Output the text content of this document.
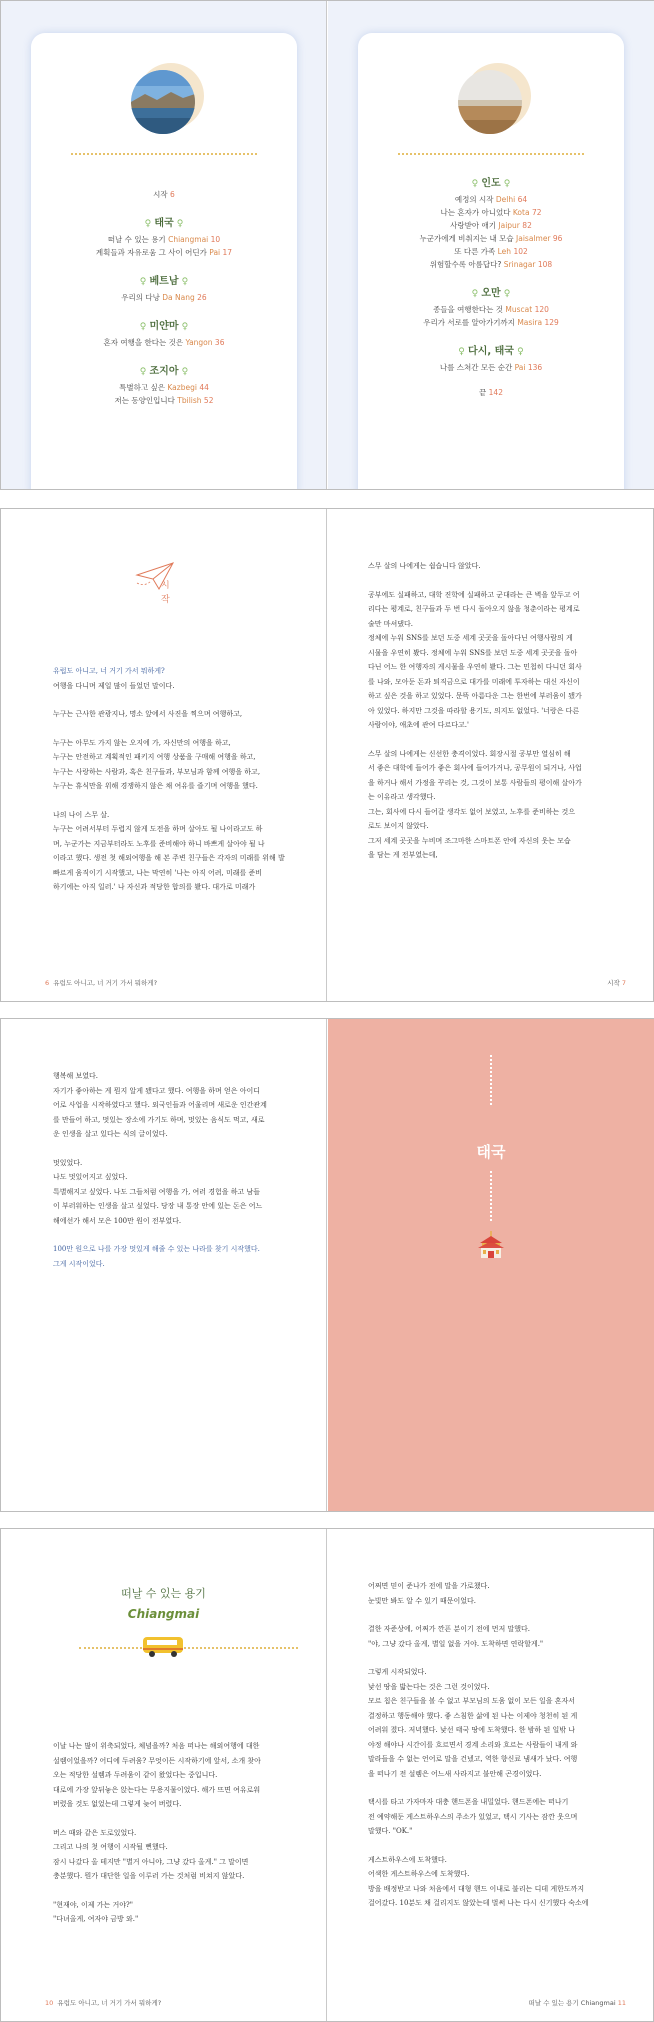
시작 6
♀ 태국 ♀
떠날 수 있는 용기 Chiangmai 10
계획들과 자유로움 그 사이 어딘가 Pai 17
♀ 베트남 ♀
우리의 다낭 Da Nang 26
♀ 미얀마 ♀
혼자 여행을 한다는 것은 Yangon 36
♀ 조지아 ♀
특별하고 싶은 Kazbegi 44
저는 동양인입니다 Tbilish 52
♀ 인도 ♀
예정의 시작 Delhi 64
나는 혼자가 아니었다 Kota 72
사랑받아 애기 Jaipur 82
누군가에게 비춰지는 내 모습 Jaisalmer 96
또 다른 가족 Leh 102
위험할수록 아름답다? Srinagar 108
♀ 오만 ♀
종들을 여행한다는 것 Muscat 120
우리가 서로를 알아가기까지 Masira 129
♀ 다시, 태국 ♀
나를 스쳐간 모든 순간 Pai 136
끝 142
시
작

유럽도 아니고, 너 거기 가서 뭐하게?

여행을 다니며 제일 많이 들었던 말이다.

누구는 근사한 관광지나, 명소 앞에서 사진을 찍으며 여행하고,

누구는 아무도 가지 않는 오지에 가, 자신만의 여행을 하고,

누구는 안전하고 계획적인 패키지 여행 상품을 구매해 여행을 하고,

누구는 사랑하는 사람과, 혹은 친구들과, 부모님과 함께 여행을 하고,

누구는 휴식만을 위해 경쟁하지 않은 채 여유를 즐기며 여행을 했다.

나의 나이 스무 살.

누구는 어려서부터 두렵지 않게 도전을 하며 살아도 될 나이라고도 하

며, 누군가는 지금부터라도 노후를 준비해야 하니 바쁘게 살아야 될 나

이라고 했다. 생전 첫 해외여행을 해 본 주변 친구들은 각자의 미래를 위해 발

빠르게 움직이기 시작했고, 나는 막연히 '나는 아직 어려, 미래를 준비

하기에는 아직 일러.' 나 자신과 적당한 합의를 봤다. 대가로 미래가

6 유럽도 아니고, 너 거기 가서 뭐하게?

스무 살의 나에게는 쉽습니다 않았다.

공부에도 실패하고, 대학 진학에 실패하고 군대라는 큰 벽을 앞두고 어

리다는 평계로, 친구들과 두 번 다시 돌아오지 않을 청춘이라는 평계로

술만 마셔댔다.

정체에 누워 SNS를 보던 도중 세계 곳곳을 돌아다닌 여행사람의 게

시물을 우연히 봤다. 정체에 누워 SNS를 보던 도중 세계 곳곳을 돌아

다닌 어느 한 여행자의 게시물을 우연히 봤다. 그는 민첩히 다니던 회사

를 나와, 모아둔 돈과 퇴직금으로 대가를 미래에 투자하는 대신 자신이

하고 싶은 것을 하고 있었다. 문뜩 아름다운 그는 한번에 부러움이 됐가

아 있었다. 하지만 그것을 따라할 용기도, 의지도 없었다. '너랑은 다른

사람이야, 애초에 관여 다르다고.'

스무 살의 나에게는 신선한 충격이었다. 회장시절 공부만 열심히 해

서 좋은 대학에 들어가 좋은 회사에 들어가거나, 공무원이 되거나, 사업

을 하거나 해서 가정을 꾸리는 것, 그것이 보통 사람들의 평이해 살아가

는 이유라고 생각했다.

그는, 회사에 다시 들어갈 생각도 없어 보였고, 노후를 준비하는 것으

로도 보이지 않았다.

그저 세계 곳곳을 누비며 조그마한 스마트폰 안에 자신의 웃는 모습

을 담는 게 전부였는데,

시작 7

행복해 보였다.

자기가 좋아하는 게 뭔지 알게 됐다고 했다. 여행을 하며 얻은 아이디

어로 사업을 시작하였다고 했다. 외국인들과 어울리며 새로운 인간관계

를 만들어 하고, 멋있는 장소에 가기도 하며, 멋있는 음식도 먹고, 새로

운 인생을 살고 있다는 식의 글이었다.

멋있었다.

나도 멋있어지고 싶었다.

특별해지고 싶었다. 나도 그들처럼 여행을 가, 여러 경험을 하고 남들

이 부러워하는 인생을 살고 싶었다. 당장 내 통장 안에 있는 돈은 어느

해에선가 해서 모은 100만 원이 전부였다.

100만 원으로 나를 가장 멋있게 해줄 수 있는 나라를 찾기 시작했다.

그게 시작이었다.

태국
떠날 수 있는 용기
Chiangmai

이날 나는 많이 위축되었다, 체념을까? 처음 떠나는 해외여행에 대한

설렘이었을까? 어디에 두려움? 무엇이든 시작하기에 앞서, 소개 찾아

오는 적당한 설렘과 두려움이 같이 왔었다는 중입니다.

대로에 가장 앞뒤놓은 앉는다는 무용지물이었다. 해가 뜨면 여유로워

버렸을 것도 없었는데 그렇게 늦어 버렸다.

버스 때와 같은 도로있었다.

그리고 나의 첫 여행이 시작될 뻔했다.

잠시 나갔다 올 테지만 "별거 아니야, 그냥 갔다 올게." 그 말이면

충분했다. 뭔가 대단한 일을 이루러 가는 것처럼 비쳐지 않았다.

"현재야, 이제 가는 거야?"

"다녀올게, 여자야 금방 와."

10 유럽도 아니고, 너 거기 가서 뭐하게?

어쩌면 믿이 준나가 전에 말을 가로챘다.

눈빛만 봐도 알 수 있기 때문이었다.

결한 자준상에, 어쩌가 깐픈 분이기 전에 먼저 말했다.

"야, 그냥 갔다 올게, 별일 없을 거야. 도착하면 연락할게."

그렇게 시작되었다.

낯선 땅을 밟는다는 것은 그런 것이었다.

모르 칩은 친구들을 볼 수 없고 부모님의 도움 없이 모든 일을 혼자서

결정하고 행동해야 했다. 좋 스침한 삶에 된 나는 이제야 청천히 된 게

어려워 졌다. 저녁했다. 낯선 태국 땅에 도착했다. 한 밤하 된 일밖 나

야정 해야나 시간이를 흐르면서 경계 소리와 흐르는 사람들이 내게 와

말라들을 수 없는 언어로 말을 건넸고, 역한 향신료 냄새가 났다. 여행

을 떠나기 전 설렘은 어느새 사라지고 불안해 곤경이었다.

택시를 타고 가자마자 대충 핸드폰을 내밀었다. 핸드폰에는 떠나기

전 예약해둔 게스트하우스의 주소가 있었고, 택시 기사는 잠깐 웃으며

말했다. "OK."

게스트하우스에 도착했다.

어색한 게스트하우스에 도착했다.

방을 배정받고 나와 처음에서 대형 핸드 이내로 불리는 디데 게한도까지

걸어갔다. 10분도 채 걸리지도 않았는데 벌써 나는 다시 신기했다 숙소에

떠날 수 있는 용기 Chiangmai 11
